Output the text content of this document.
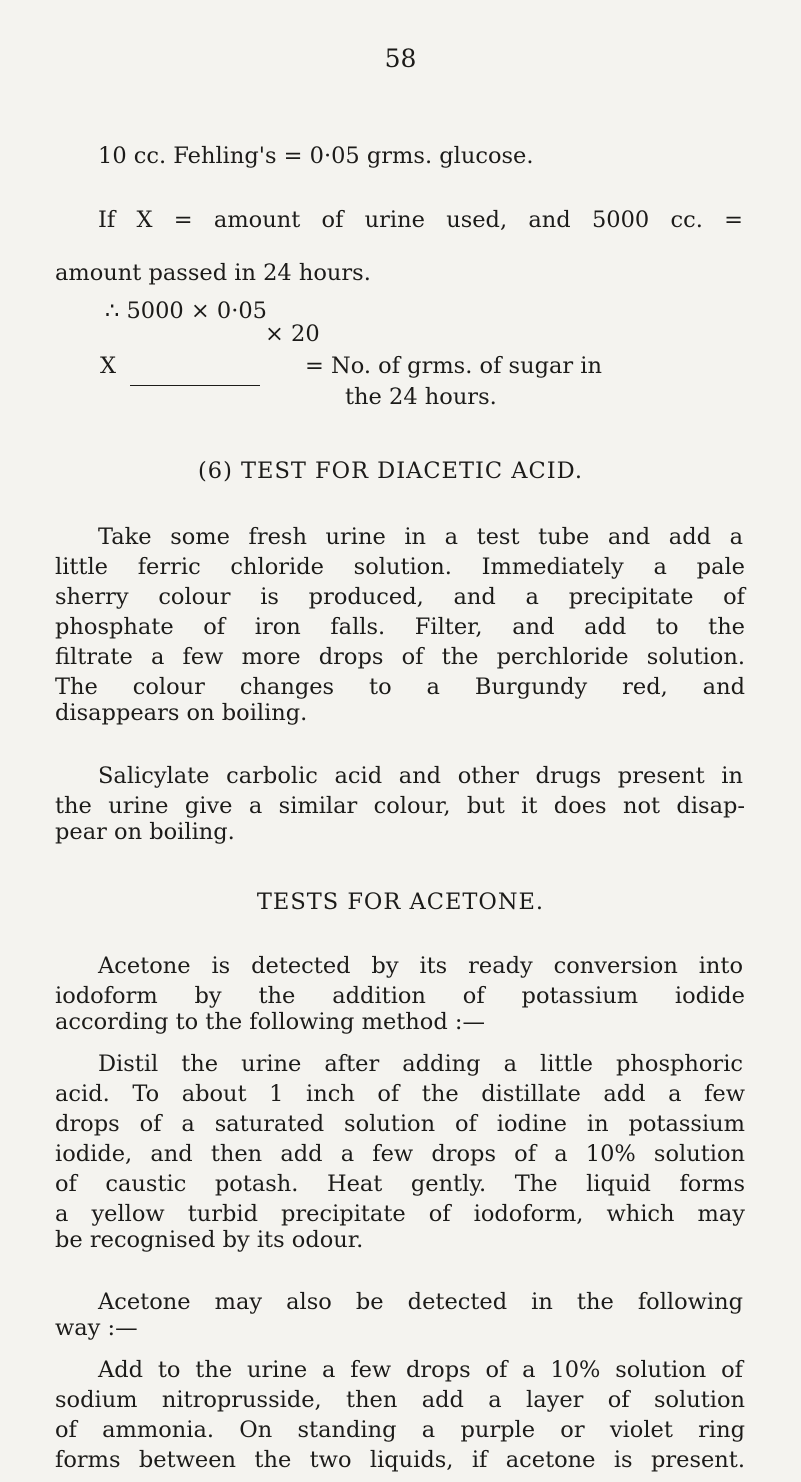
58
10 cc. Fehling's = 0·05 grms. glucose.
If X = amount of urine used, and 5000 cc. =
amount passed in 24 hours.
∴ 5000 × 0·05
× 20
X	= No. of grms. of sugar in
the 24 hours.
(6) TEST FOR DIACETIC ACID.
Take some fresh urine in a test tube and add a
little ferric chloride solution. Immediately a pale
sherry colour is produced, and a precipitate of
phosphate of iron falls. Filter, and add to the
filtrate a few more drops of the perchloride solution.
The colour changes to a Burgundy red, and
disappears on boiling.
Salicylate carbolic acid and other drugs present in
the urine give a similar colour, but it does not disap-
pear on boiling.
TESTS FOR ACETONE.
Acetone is detected by its ready conversion into
iodoform by the addition of potassium iodide
according to the following method :—
Distil the urine after adding a little phosphoric
acid. To about 1 inch of the distillate add a few
drops of a saturated solution of iodine in potassium
iodide, and then add a few drops of a 10% solution
of caustic potash. Heat gently. The liquid forms
a yellow turbid precipitate of iodoform, which may
be recognised by its odour.
Acetone may also be detected in the following
way :—
Add to the urine a few drops of a 10% solution of
sodium nitroprusside, then add a layer of solution
of ammonia. On standing a purple or violet ring
forms between the two liquids, if acetone is present.
